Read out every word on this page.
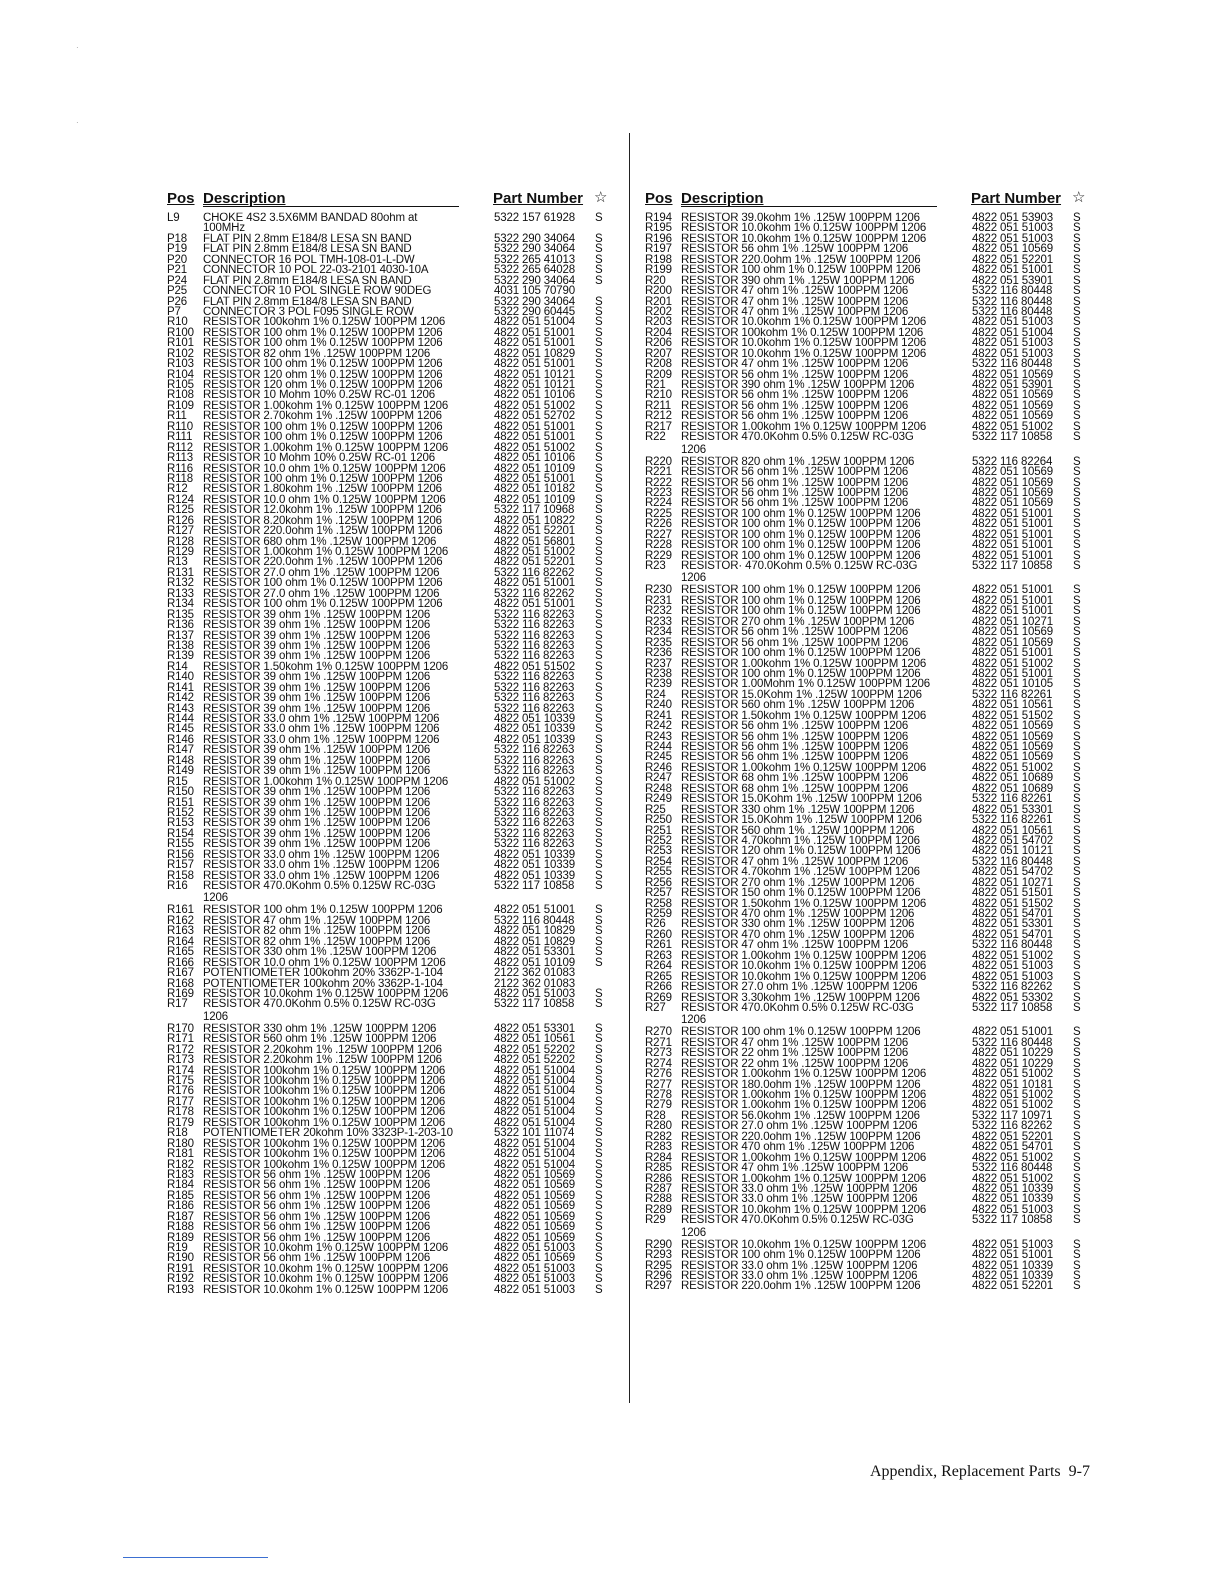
·
·
Pos Description	Part Number ☆
L9	CHOKE 4S2 3.5X6MM BANDAD 80ohm at	5322 157 61928	S
100MHz
P18	FLAT PIN 2.8mm E184/8 LESA SN BAND	5322 290 34064	S
P19	FLAT PIN 2.8mm E184/8 LESA SN BAND	5322 290 34064	S
P20	CONNECTOR 16 POL TMH-108-01-L-DW	5322 265 41013	S
P21	CONNECTOR 10 POL 22-03-2101 4030-10A	5322 265 64028	S
P24	FLAT PIN 2.8mm E184/8 LESA SN BAND	5322 290 34064	S
P25	CONNECTOR 10 POL SINGLE ROW 90DEG	4031 105 70790
P26	FLAT PIN 2.8mm E184/8 LESA SN BAND	5322 290 34064	S
P7	CONNECTOR 3 POL F095 SINGLE ROW	5322 290 60445	S
R10	RESISTOR 100kohm 1% 0.125W 100PPM 1206	4822 051 51004	S
R100 RESISTOR 100 ohm 1% 0.125W 100PPM 1206	4822 051 51001	S
R101 RESISTOR 100 ohm 1% 0.125W 100PPM 1206	4822 051 51001	S
R102 RESISTOR 82 ohm 1% .125W 100PPM 1206	4822 051 10829	S
R103 RESISTOR 100 ohm 1% 0.125W 100PPM 1206	4822 051 51001	S
R104 RESISTOR 120 ohm 1% 0.125W 100PPM 1206	4822 051 10121	S
R105 RESISTOR 120 ohm 1% 0.125W 100PPM 1206	4822 051 10121	S
R108 RESISTOR 10 Mohm 10% 0.25W RC-01 1206	4822 051 10106	S
R109 RESISTOR 1.00kohm 1% 0.125W 100PPM 1206	4822 051 51002	S
R11	RESISTOR 2.70kohm 1% .125W 100PPM 1206	4822 051 52702	S
R110 RESISTOR 100 ohm 1% 0.125W 100PPM 1206	4822 051 51001	S
R111 RESISTOR 100 ohm 1% 0.125W 100PPM 1206	4822 051 51001	S
R112 RESISTOR 1.00kohm 1% 0.125W 100PPM 1206	4822 051 51002	S
R113 RESISTOR 10 Mohm 10% 0.25W RC-01 1206	4822 051 10106	S
R116 RESISTOR 10.0 ohm 1% 0.125W 100PPM 1206	4822 051 10109	S
R118 RESISTOR 100 ohm 1% 0.125W 100PPM 1206	4822 051 51001	S
R12	RESISTOR 1.80kohm 1% .125W 100PPM 1206	4822 051 10182	S
R124 RESISTOR 10.0 ohm 1% 0.125W 100PPM 1206	4822 051 10109	S
R125 RESISTOR 12.0kohm 1% .125W 100PPM 1206	5322 117 10968	S
R126 RESISTOR 8.20kohm 1% .125W 100PPM 1206	4822 051 10822	S
R127 RESISTOR 220.0ohm 1% .125W 100PPM 1206	4822 051 52201	S
R128 RESISTOR 680 ohm 1% .125W 100PPM 1206	4822 051 56801	S
R129 RESISTOR 1.00kohm 1% 0.125W 100PPM 1206	4822 051 51002	S
R13	RESISTOR 220.0ohm 1% .125W 100PPM 1206	4822 051 52201	S
R131 RESISTOR 27.0 ohm 1% .125W 100PPM 1206	5322 116 82262	S
R132 RESISTOR 100 ohm 1% 0.125W 100PPM 1206	4822 051 51001	S
R133 RESISTOR 27.0 ohm 1% .125W 100PPM 1206	5322 116 82262	S
R134 RESISTOR 100 ohm 1% 0.125W 100PPM 1206	4822 051 51001	S
R135 RESISTOR 39 ohm 1% .125W 100PPM 1206	5322 116 82263	S
R136 RESISTOR 39 ohm 1% .125W 100PPM 1206	5322 116 82263	S
R137 RESISTOR 39 ohm 1% .125W 100PPM 1206	5322 116 82263	S
R138 RESISTOR 39 ohm 1% .125W 100PPM 1206	5322 116 82263	S
R139 RESISTOR 39 ohm 1% .125W 100PPM 1206	5322 116 82263	S
R14	RESISTOR 1.50kohm 1% 0.125W 100PPM 1206	4822 051 51502	S
R140 RESISTOR 39 ohm 1% .125W 100PPM 1206	5322 116 82263	S
R141 RESISTOR 39 ohm 1% .125W 100PPM 1206	5322 116 82263	S
R142 RESISTOR 39 ohm 1% .125W 100PPM 1206	5322 116 82263	S
R143 RESISTOR 39 ohm 1% .125W 100PPM 1206	5322 116 82263	S
R144 RESISTOR 33.0 ohm 1% .125W 100PPM 1206	4822 051 10339	S
R145 RESISTOR 33.0 ohm 1% .125W 100PPM 1206	4822 051 10339	S
R146 RESISTOR 33.0 ohm 1% .125W 100PPM 1206	4822 051 10339	S
R147 RESISTOR 39 ohm 1% .125W 100PPM 1206	5322 116 82263	S
R148 RESISTOR 39 ohm 1% .125W 100PPM 1206	5322 116 82263	S
R149 RESISTOR 39 ohm 1% .125W 100PPM 1206	5322 116 82263	S
R15	RESISTOR 1.00kohm 1% 0.125W 100PPM 1206	4822 051 51002	S
R150 RESISTOR 39 ohm 1% .125W 100PPM 1206	5322 116 82263	S
R151 RESISTOR 39 ohm 1% .125W 100PPM 1206	5322 116 82263	S
R152 RESISTOR 39 ohm 1% .125W 100PPM 1206	5322 116 82263	S
R153 RESISTOR 39 ohm 1% .125W 100PPM 1206	5322 116 82263	S
R154 RESISTOR 39 ohm 1% .125W 100PPM 1206	5322 116 82263	S
R155 RESISTOR 39 ohm 1% .125W 100PPM 1206	5322 116 82263	S
R156 RESISTOR 33.0 ohm 1% .125W 100PPM 1206	4822 051 10339	S
R157 RESISTOR 33.0 ohm 1% .125W 100PPM 1206	4822 051 10339	S
R158 RESISTOR 33.0 ohm 1% .125W 100PPM 1206	4822 051 10339	S
R16	RESISTOR 470.0Kohm 0.5% 0.125W RC-03G	5322 117 10858	S
1206
R161 RESISTOR 100 ohm 1% 0.125W 100PPM 1206	4822 051 51001	S
R162 RESISTOR 47 ohm 1% .125W 100PPM 1206	5322 116 80448	S
R163 RESISTOR 82 ohm 1% .125W 100PPM 1206	4822 051 10829	S
R164 RESISTOR 82 ohm 1% .125W 100PPM 1206	4822 051 10829	S
R165 RESISTOR 330 ohm 1% .125W 100PPM 1206	4822 051 53301	S
R166 RESISTOR 10.0 ohm 1% 0.125W 100PPM 1206	4822 051 10109	S
R167 POTENTIOMETER 100kohm 20% 3362P-1-104	2122 362 01083
R168 POTENTIOMETER 100kohm 20% 3362P-1-104	2122 362 01083
R169 RESISTOR 10.0kohm 1% 0.125W 100PPM 1206	4822 051 51003	S
R17	RESISTOR 470.0Kohm 0.5% 0.125W RC-03G	5322 117 10858	S
1206
R170 RESISTOR 330 ohm 1% .125W 100PPM 1206	4822 051 53301	S
R171 RESISTOR 560 ohm 1% .125W 100PPM 1206	4822 051 10561	S
R172 RESISTOR 2.20kohm 1% .125W 100PPM 1206	4822 051 52202	S
R173 RESISTOR 2.20kohm 1% .125W 100PPM 1206	4822 051 52202	S
R174 RESISTOR 100kohm 1% 0.125W 100PPM 1206	4822 051 51004	S
R175 RESISTOR 100kohm 1% 0.125W 100PPM 1206	4822 051 51004	S
R176 RESISTOR 100kohm 1% 0.125W 100PPM 1206	4822 051 51004	S
R177 RESISTOR 100kohm 1% 0.125W 100PPM 1206	4822 051 51004	S
R178 RESISTOR 100kohm 1% 0.125W 100PPM 1206	4822 051 51004	S
R179 RESISTOR 100kohm 1% 0.125W 100PPM 1206	4822 051 51004	S
R18	POTENTIOMETER 20kohm 10% 3323P-1-203-10	5322 101 11074	S
R180 RESISTOR 100kohm 1% 0.125W 100PPM 1206	4822 051 51004	S
R181 RESISTOR 100kohm 1% 0.125W 100PPM 1206	4822 051 51004	S
R182 RESISTOR 100kohm 1% 0.125W 100PPM 1206	4822 051 51004	S
R183 RESISTOR 56 ohm 1% .125W 100PPM 1206	4822 051 10569	S
R184 RESISTOR 56 ohm 1% .125W 100PPM 1206	4822 051 10569	S
R185 RESISTOR 56 ohm 1% .125W 100PPM 1206	4822 051 10569	S
R186 RESISTOR 56 ohm 1% .125W 100PPM 1206	4822 051 10569	S
R187 RESISTOR 56 ohm 1% .125W 100PPM 1206	4822 051 10569	S
R188 RESISTOR 56 ohm 1% .125W 100PPM 1206	4822 051 10569	S
R189 RESISTOR 56 ohm 1% .125W 100PPM 1206	4822 051 10569	S
R19	RESISTOR 10.0kohm 1% 0.125W 100PPM 1206	4822 051 51003	S
R190 RESISTOR 56 ohm 1% .125W 100PPM 1206	4822 051 10569	S
R191 RESISTOR 10.0kohm 1% 0.125W 100PPM 1206	4822 051 51003	S
R192 RESISTOR 10.0kohm 1% 0.125W 100PPM 1206	4822 051 51003	S
R193 RESISTOR 10.0kohm 1% 0.125W 100PPM 1206	4822 051 51003	S
Pos Description	Part Number ☆
R194 RESISTOR 39.0kohm 1% .125W 100PPM 1206	4822 051 53903	S
R195 RESISTOR 10.0kohm 1% 0.125W 100PPM 1206	4822 051 51003	S
R196 RESISTOR 10.0kohm 1% 0.125W 100PPM 1206	4822 051 51003	S
R197 RESISTOR 56 ohm 1% .125W 100PPM 1206	4822 051 10569	S
R198 RESISTOR 220.0ohm 1% .125W 100PPM 1206	4822 051 52201	S
R199 RESISTOR 100 ohm 1% 0.125W 100PPM 1206	4822 051 51001	S
R20	RESISTOR 390 ohm 1% .125W 100PPM 1206	4822 051 53901	S
R200 RESISTOR 47 ohm 1% .125W 100PPM 1206	5322 116 80448	S
R201 RESISTOR 47 ohm 1% .125W 100PPM 1206	5322 116 80448	S
R202 RESISTOR 47 ohm 1% .125W 100PPM 1206	5322 116 80448	S
R203 RESISTOR 10.0kohm 1% 0.125W 100PPM 1206	4822 051 51003	S
R204 RESISTOR 100kohm 1% 0.125W 100PPM 1206	4822 051 51004	S
R206 RESISTOR 10.0kohm 1% 0.125W 100PPM 1206	4822 051 51003	S
R207 RESISTOR 10.0kohm 1% 0.125W 100PPM 1206	4822 051 51003	S
R208 RESISTOR 47 ohm 1% .125W 100PPM 1206	5322 116 80448	S
R209 RESISTOR 56 ohm 1% .125W 100PPM 1206	4822 051 10569	S
R21	RESISTOR 390 ohm 1% .125W 100PPM 1206	4822 051 53901	S
R210 RESISTOR 56 ohm 1% .125W 100PPM 1206	4822 051 10569	S
R211 RESISTOR 56 ohm 1% .125W 100PPM 1206	4822 051 10569	S
R212 RESISTOR 56 ohm 1% .125W 100PPM 1206	4822 051 10569	S
R217 RESISTOR 1.00kohm 1% 0.125W 100PPM 1206	4822 051 51002	S
R22	RESISTOR 470.0Kohm 0.5% 0.125W RC-03G	5322 117 10858	S
1206
R220 RESISTOR 820 ohm 1% .125W 100PPM 1206	5322 116 82264	S
R221 RESISTOR 56 ohm 1% .125W 100PPM 1206	4822 051 10569	S
R222 RESISTOR 56 ohm 1% .125W 100PPM 1206	4822 051 10569	S
R223 RESISTOR 56 ohm 1% .125W 100PPM 1206	4822 051 10569	S
R224 RESISTOR 56 ohm 1% .125W 100PPM 1206	4822 051 10569	S
R225 RESISTOR 100 ohm 1% 0.125W 100PPM 1206	4822 051 51001	S
R226 RESISTOR 100 ohm 1% 0.125W 100PPM 1206	4822 051 51001	S
R227 RESISTOR 100 ohm 1% 0.125W 100PPM 1206	4822 051 51001	S
R228 RESISTOR 100 ohm 1% 0.125W 100PPM 1206	4822 051 51001	S
R229 RESISTOR 100 ohm 1% 0.125W 100PPM 1206	4822 051 51001	S
R23	RESISTOR· 470.0Kohm 0.5% 0.125W RC-03G	5322 117 10858	S
1206
R230 RESISTOR 100 ohm 1% 0.125W 100PPM 1206	4822 051 51001	S
R231 RESISTOR 100 ohm 1% 0.125W 100PPM 1206	4822 051 51001	S
R232 RESISTOR 100 ohm 1% 0.125W 100PPM 1206	4822 051 51001	S
R233 RESISTOR 270 ohm 1% .125W 100PPM 1206	4822 051 10271	S
R234 RESISTOR 56 ohm 1% .125W 100PPM 1206	4822 051 10569	S
R235 RESISTOR 56 ohm 1% .125W 100PPM 1206	4822 051 10569	S
R236 RESISTOR 100 ohm 1% 0.125W 100PPM 1206	4822 051 51001	S
R237 RESISTOR 1.00kohm 1% 0.125W 100PPM 1206	4822 051 51002	S
R238 RESISTOR 100 ohm 1% 0.125W 100PPM 1206	4822 051 51001	S
R239 RESISTOR 1.00Mohm 1% 0.125W 100PPM 1206	4822 051 10105	S
R24	RESISTOR 15.0Kohm 1% .125W 100PPM 1206	5322 116 82261	S
R240 RESISTOR 560 ohm 1% .125W 100PPM 1206	4822 051 10561	S
R241 RESISTOR 1.50kohm 1% 0.125W 100PPM 1206	4822 051 51502	S
R242 RESISTOR 56 ohm 1% .125W 100PPM 1206	4822 051 10569	S
R243 RESISTOR 56 ohm 1% .125W 100PPM 1206	4822 051 10569	S
R244 RESISTOR 56 ohm 1% .125W 100PPM 1206	4822 051 10569	S
R245 RESISTOR 56 ohm 1% .125W 100PPM 1206	4822 051 10569	S
R246 RESISTOR 1.00kohm 1% 0.125W 100PPM 1206	4822 051 51002	S
R247 RESISTOR 68 ohm 1% .125W 100PPM 1206	4822 051 10689	S
R248 RESISTOR 68 ohm 1% .125W 100PPM 1206	4822 051 10689	S
R249 RESISTOR 15.0Kohm 1% .125W 100PPM 1206	5322 116 82261	S
R25	RESISTOR 330 ohm 1% .125W 100PPM 1206	4822 051 53301	S
R250 RESISTOR 15.0Kohm 1% .125W 100PPM 1206	5322 116 82261	S
R251 RESISTOR 560 ohm 1% .125W 100PPM 1206	4822 051 10561	S
R252 RESISTOR 4.70kohm 1% .125W 100PPM 1206	4822 051 54702	S
R253 RESISTOR 120 ohm 1% 0.125W 100PPM 1206	4822 051 10121	S
R254 RESISTOR 47 ohm 1% .125W 100PPM 1206	5322 116 80448	S
R255 RESISTOR 4.70kohm 1% .125W 100PPM 1206	4822 051 54702	S
R256 RESISTOR 270 ohm 1% .125W 100PPM 1206	4822 051 10271	S
R257 RESISTOR 150 ohm 1% 0.125W 100PPM 1206	4822 051 51501	S
R258 RESISTOR 1.50kohm 1% 0.125W 100PPM 1206	4822 051 51502	S
R259 RESISTOR 470 ohm 1% .125W 100PPM 1206	4822 051 54701	S
R26	RESISTOR 330 ohm 1% .125W 100PPM 1206	4822 051 53301	S
R260 RESISTOR 470 ohm 1% .125W 100PPM 1206	4822 051 54701	S
R261 RESISTOR 47 ohm 1% .125W 100PPM 1206	5322 116 80448	S
R263 RESISTOR 1.00kohm 1% 0.125W 100PPM 1206	4822 051 51002	S
R264 RESISTOR 10.0kohm 1% 0.125W 100PPM 1206	4822 051 51003	S
R265 RESISTOR 10.0kohm 1% 0.125W 100PPM 1206	4822 051 51003	S
R266 RESISTOR 27.0 ohm 1% .125W 100PPM 1206	5322 116 82262	S
R269 RESISTOR 3.30kohm 1% .125W 100PPM 1206	4822 051 53302	S
R27	RESISTOR 470.0Kohm 0.5% 0.125W RC-03G	5322 117 10858	S
1206
R270 RESISTOR 100 ohm 1% 0.125W 100PPM 1206	4822 051 51001	S
R271 RESISTOR 47 ohm 1% .125W 100PPM 1206	5322 116 80448	S
R273 RESISTOR 22 ohm 1% .125W 100PPM 1206	4822 051 10229	S
R274 RESISTOR 22 ohm 1% .125W 100PPM 1206	4822 051 10229	S
R276 RESISTOR 1.00kohm 1% 0.125W 100PPM 1206	4822 051 51002	S
R277 RESISTOR 180.0ohm 1% .125W 100PPM 1206	4822 051 10181	S
R278 RESISTOR 1.00kohm 1% 0.125W 100PPM 1206	4822 051 51002	S
R279 RESISTOR 1.00kohm 1% 0.125W 100PPM 1206	4822 051 51002	S
R28	RESISTOR 56.0kohm 1% .125W 100PPM 1206	5322 117 10971	S
R280 RESISTOR 27.0 ohm 1% .125W 100PPM 1206	5322 116 82262	S
R282 RESISTOR 220.0ohm 1% .125W 100PPM 1206	4822 051 52201	S
R283 RESISTOR 470 ohm 1% .125W 100PPM 1206	4822 051 54701	S
R284 RESISTOR 1.00kohm 1% 0.125W 100PPM 1206	4822 051 51002	S
R285 RESISTOR 47 ohm 1% .125W 100PPM 1206	5322 116 80448	S
R286 RESISTOR 1.00kohm 1% 0.125W 100PPM 1206	4822 051 51002	S
R287 RESISTOR 33.0 ohm 1% .125W 100PPM 1206	4822 051 10339	S
R288 RESISTOR 33.0 ohm 1% .125W 100PPM 1206	4822 051 10339	S
R289 RESISTOR 10.0kohm 1% 0.125W 100PPM 1206	4822 051 51003	S
R29	RESISTOR 470.0Kohm 0.5% 0.125W RC-03G	5322 117 10858	S
1206
R290 RESISTOR 10.0kohm 1% 0.125W 100PPM 1206	4822 051 51003	S
R293 RESISTOR 100 ohm 1% 0.125W 100PPM 1206	4822 051 51001	S
R295 RESISTOR 33.0 ohm 1% .125W 100PPM 1206	4822 051 10339	S
R296 RESISTOR 33.0 ohm 1% .125W 100PPM 1206	4822 051 10339	S
R297 RESISTOR 220.0ohm 1% .125W 100PPM 1206	4822 051 52201	S
Appendix, Replacement Parts 9-7
